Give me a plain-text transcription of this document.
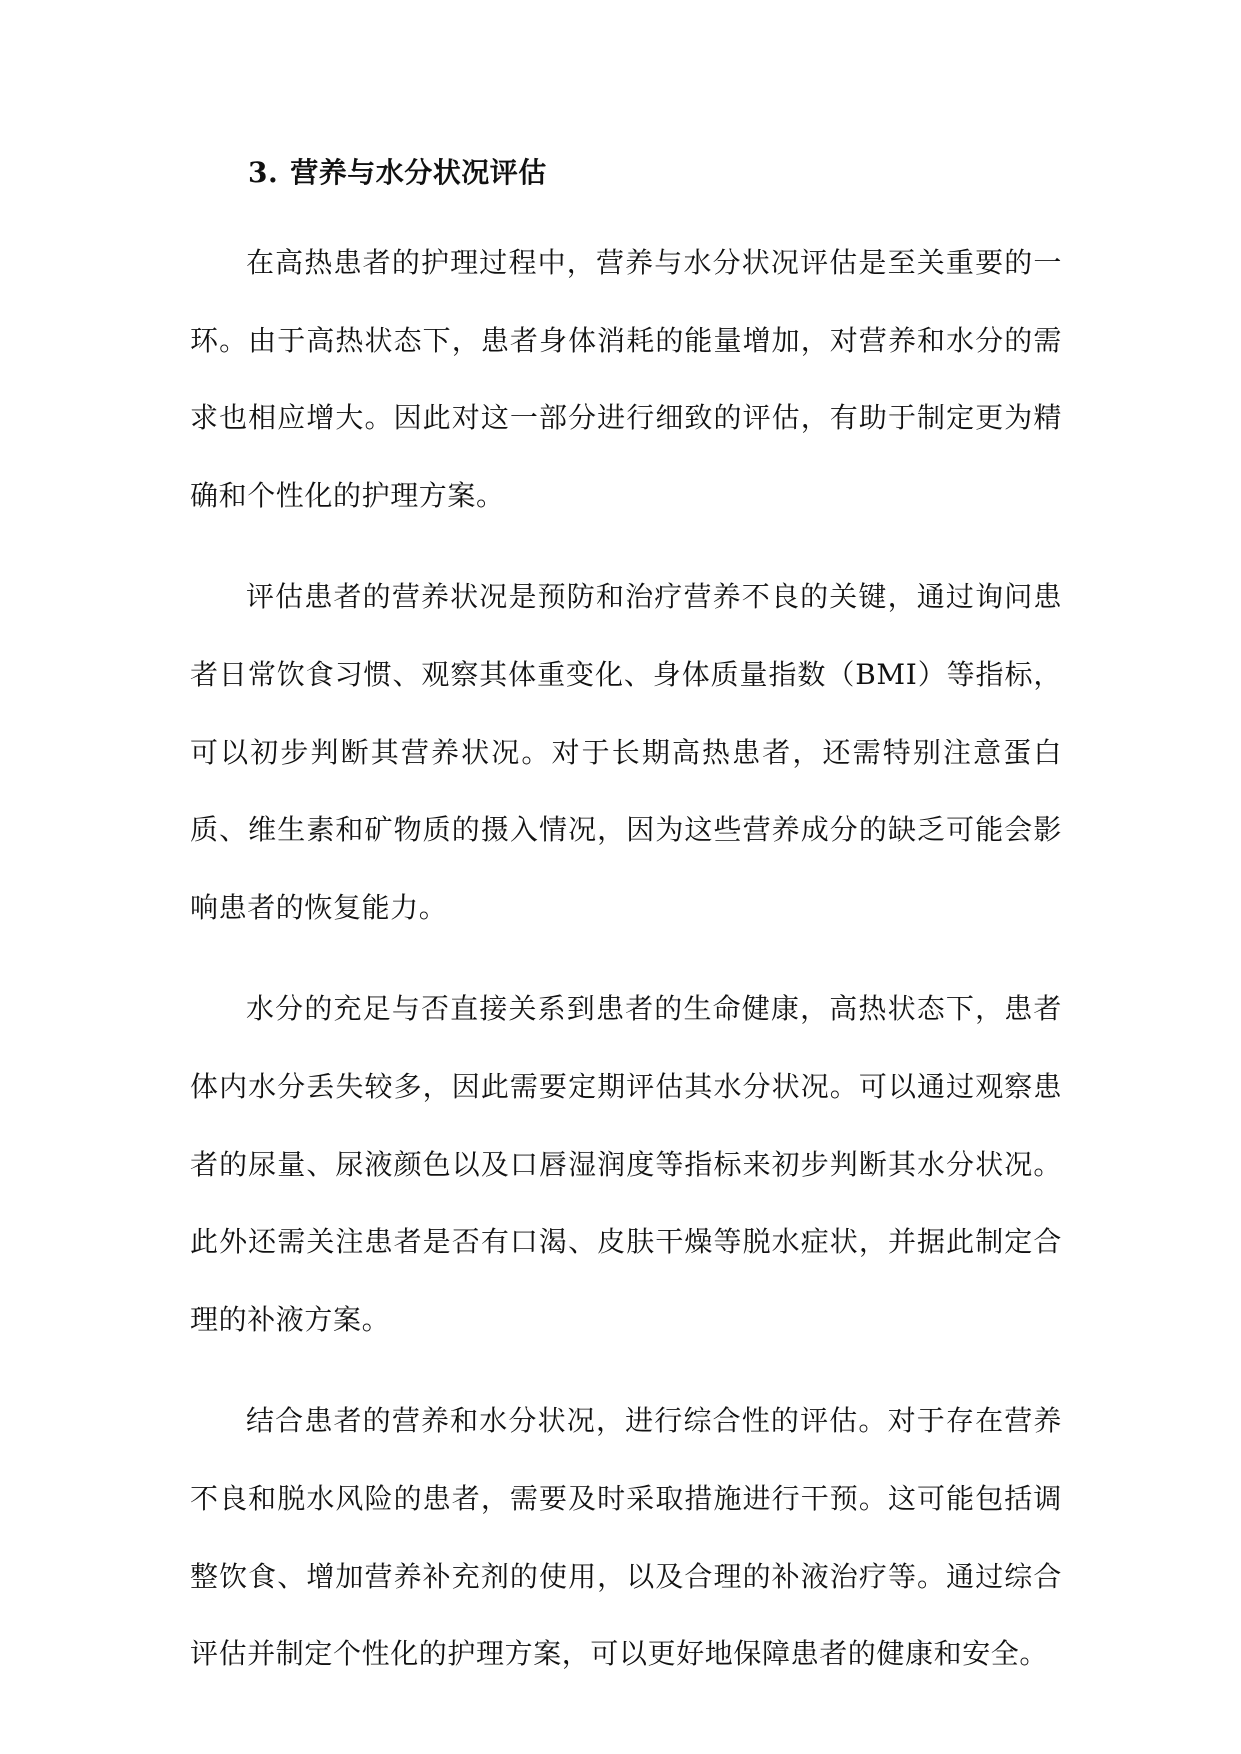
3. 营养与水分状况评估

在高热患者的护理过程中，营养与水分状况评估是至关重要的一环。由于高热状态下，患者身体消耗的能量增加，对营养和水分的需求也相应增大。因此对这一部分进行细致的评估，有助于制定更为精确和个性化的护理方案。

评估患者的营养状况是预防和治疗营养不良的关键，通过询问患者日常饮食习惯、观察其体重变化、身体质量指数（BMI）等指标，可以初步判断其营养状况。对于长期高热患者，还需特别注意蛋白质、维生素和矿物质的摄入情况，因为这些营养成分的缺乏可能会影响患者的恢复能力。

水分的充足与否直接关系到患者的生命健康，高热状态下，患者体内水分丢失较多，因此需要定期评估其水分状况。可以通过观察患者的尿量、尿液颜色以及口唇湿润度等指标来初步判断其水分状况。此外还需关注患者是否有口渴、皮肤干燥等脱水症状，并据此制定合理的补液方案。

结合患者的营养和水分状况，进行综合性的评估。对于存在营养不良和脱水风险的患者，需要及时采取措施进行干预。这可能包括调整饮食、增加营养补充剂的使用，以及合理的补液治疗等。通过综合评估并制定个性化的护理方案，可以更好地保障患者的健康和安全。
